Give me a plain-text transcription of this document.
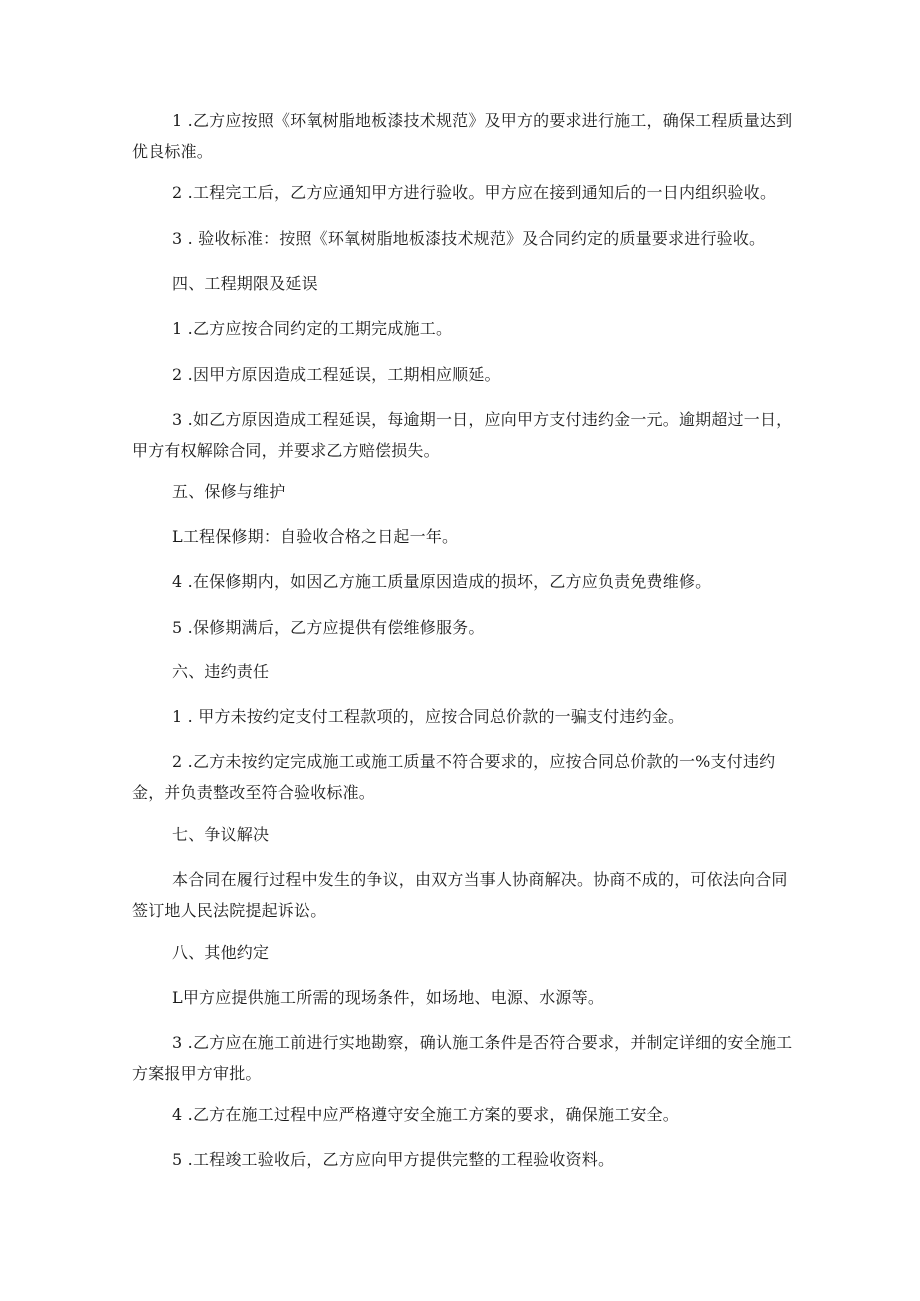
1 .乙方应按照《环氧树脂地板漆技术规范》及甲方的要求进行施工，确保工程质量达到优良标准。

2 .工程完工后，乙方应通知甲方进行验收。甲方应在接到通知后的一日内组织验收。

3 . 验收标准：按照《环氧树脂地板漆技术规范》及合同约定的质量要求进行验收。

四、工程期限及延误

1 .乙方应按合同约定的工期完成施工。

2 .因甲方原因造成工程延误，工期相应顺延。

3 .如乙方原因造成工程延误，每逾期一日，应向甲方支付违约金一元。逾期超过一日，甲方有权解除合同，并要求乙方赔偿损失。

五、保修与维护

L工程保修期：自验收合格之日起一年。

4 .在保修期内，如因乙方施工质量原因造成的损坏，乙方应负责免费维修。

5 .保修期满后，乙方应提供有偿维修服务。

六、违约责任

1 . 甲方未按约定支付工程款项的，应按合同总价款的一骗支付违约金。

2 .乙方未按约定完成施工或施工质量不符合要求的，应按合同总价款的一%支付违约金，并负责整改至符合验收标准。

七、争议解决

本合同在履行过程中发生的争议，由双方当事人协商解决。协商不成的，可依法向合同签订地人民法院提起诉讼。

八、其他约定

L甲方应提供施工所需的现场条件，如场地、电源、水源等。

3 .乙方应在施工前进行实地勘察，确认施工条件是否符合要求，并制定详细的安全施工方案报甲方审批。

4 .乙方在施工过程中应严格遵守安全施工方案的要求，确保施工安全。

5 .工程竣工验收后，乙方应向甲方提供完整的工程验收资料。
